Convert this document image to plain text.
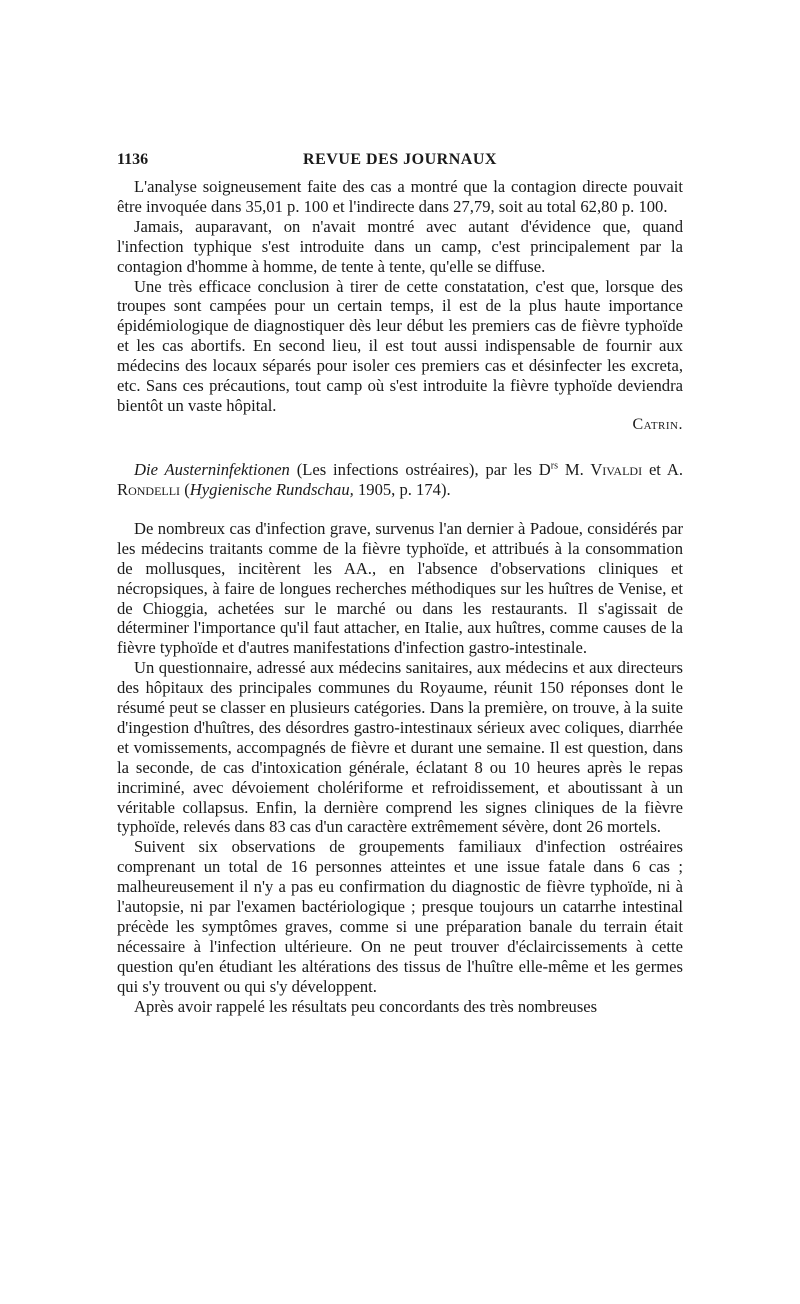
1136	REVUE DES JOURNAUX

L'analyse soigneusement faite des cas a montré que la contagion directe pouvait être invoquée dans 35,01 p. 100 et l'indirecte dans 27,79, soit au total 62,80 p. 100.

Jamais, auparavant, on n'avait montré avec autant d'évidence que, quand l'infection typhique s'est introduite dans un camp, c'est principalement par la contagion d'homme à homme, de tente à tente, qu'elle se diffuse.

Une très efficace conclusion à tirer de cette constatation, c'est que, lorsque des troupes sont campées pour un certain temps, il est de la plus haute importance épidémiologique de diagnostiquer dès leur début les premiers cas de fièvre typhoïde et les cas abortifs. En second lieu, il est tout aussi indispensable de fournir aux médecins des locaux séparés pour isoler ces premiers cas et désinfecter les excreta, etc. Sans ces précautions, tout camp où s'est introduite la fièvre typhoïde deviendra bientôt un vaste hôpital.

Catrin.

Die Austerninfektionen (Les infections ostréaires), par les $D^{rs}$ M. Vivaldi et A. Rondelli (Hygienische Rundschau, 1905, p. 174).

De nombreux cas d'infection grave, survenus l'an dernier à Padoue, considérés par les médecins traitants comme de la fièvre typhoïde, et attribués à la consommation de mollusques, incitèrent les AA., en l'absence d'observations cliniques et nécropsiques, à faire de longues recherches méthodiques sur les huîtres de Venise, et de Chioggia, achetées sur le marché ou dans les restaurants. Il s'agissait de déterminer l'importance qu'il faut attacher, en Italie, aux huîtres, comme causes de la fièvre typhoïde et d'autres manifestations d'infection gastro-intestinale.

Un questionnaire, adressé aux médecins sanitaires, aux médecins et aux directeurs des hôpitaux des principales communes du Royaume, réunit 150 réponses dont le résumé peut se classer en plusieurs catégories. Dans la première, on trouve, à la suite d'ingestion d'huîtres, des désordres gastro-intestinaux sérieux avec coliques, diarrhée et vomissements, accompagnés de fièvre et durant une semaine. Il est question, dans la seconde, de cas d'intoxication générale, éclatant 8 ou 10 heures après le repas incriminé, avec dévoiement cholériforme et refroidissement, et aboutissant à un véritable collapsus. Enfin, la dernière comprend les signes cliniques de la fièvre typhoïde, relevés dans 83 cas d'un caractère extrêmement sévère, dont 26 mortels.

Suivent six observations de groupements familiaux d'infection ostréaires comprenant un total de 16 personnes atteintes et une issue fatale dans 6 cas ; malheureusement il n'y a pas eu confirmation du diagnostic de fièvre typhoïde, ni à l'autopsie, ni par l'examen bactériologique ; presque toujours un catarrhe intestinal précède les symptômes graves, comme si une préparation banale du terrain était nécessaire à l'infection ultérieure. On ne peut trouver d'éclaircissements à cette question qu'en étudiant les altérations des tissus de l'huître elle-même et les germes qui s'y trouvent ou qui s'y développent.

Après avoir rappelé les résultats peu concordants des très nombreuses
